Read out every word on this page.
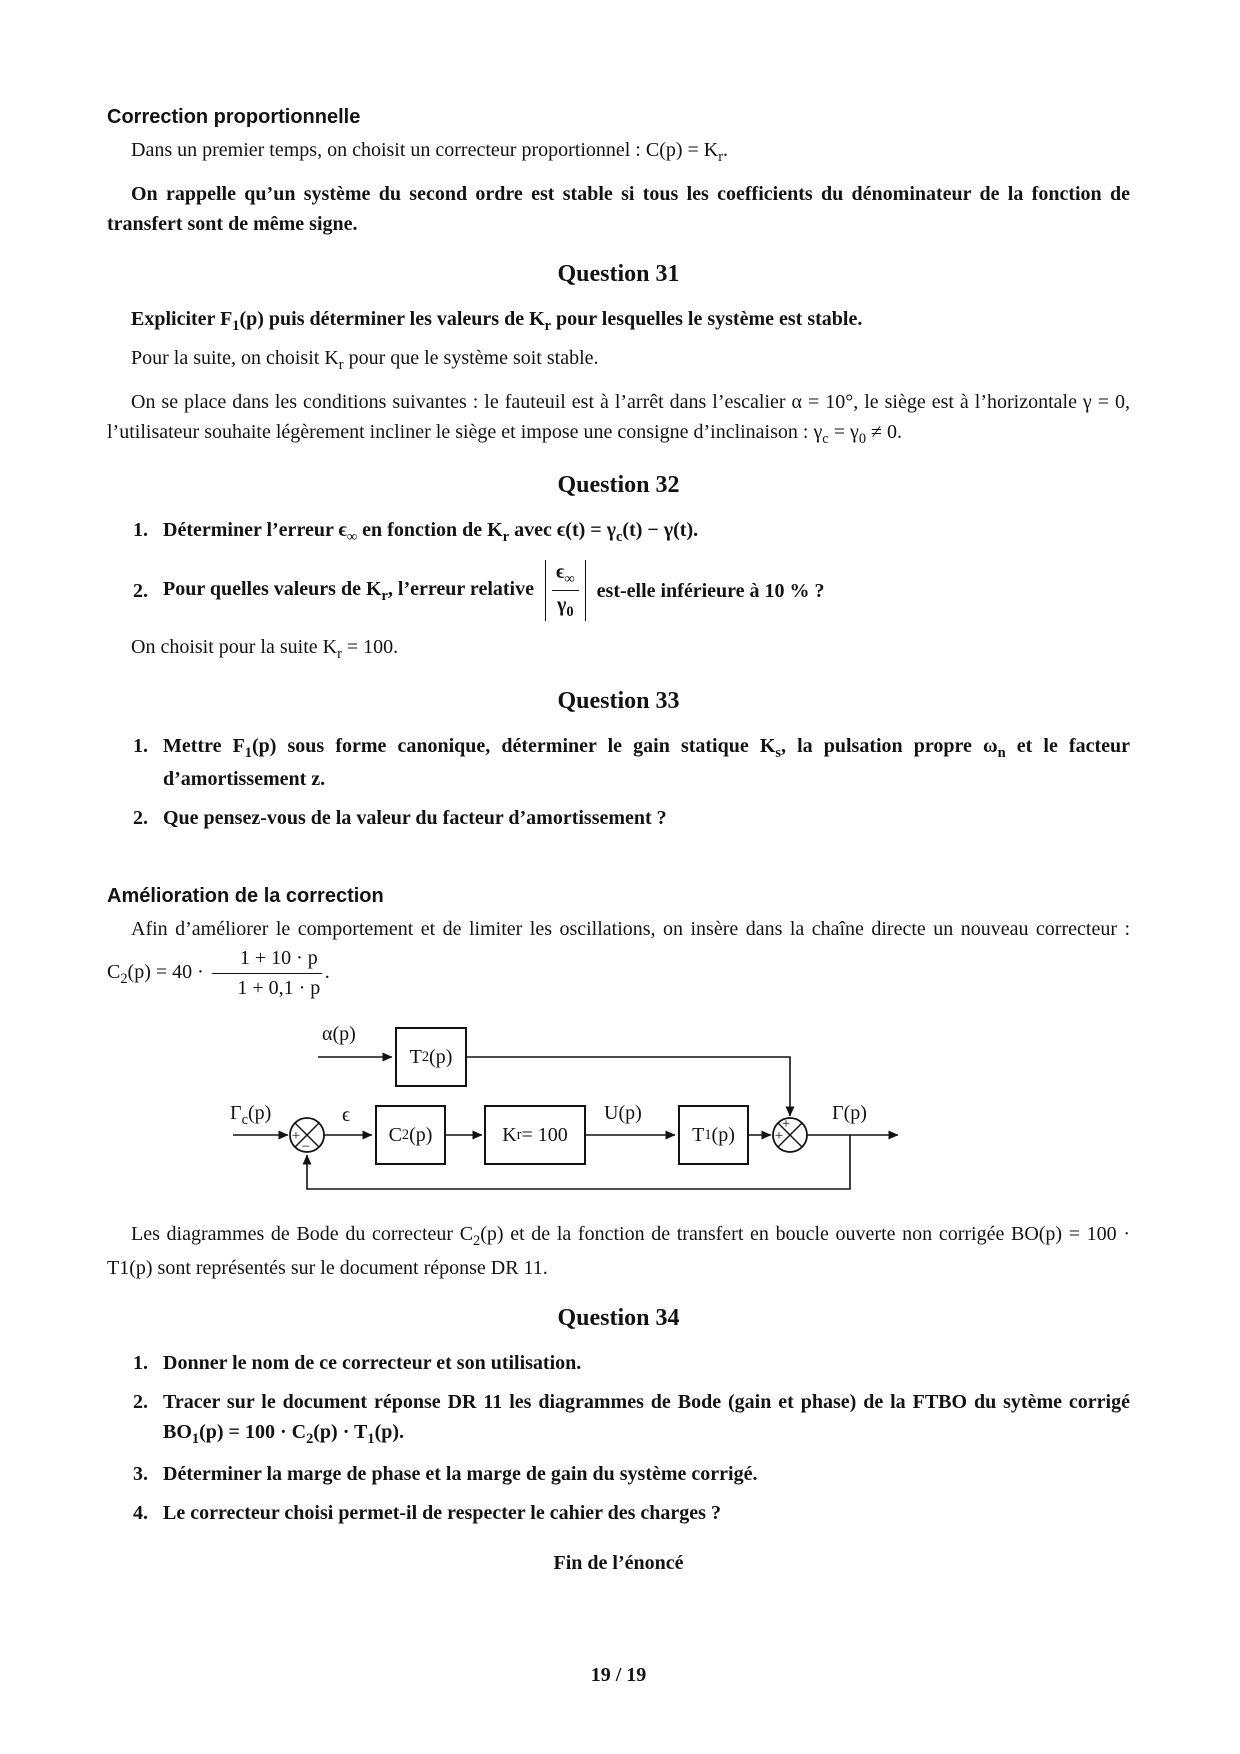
Correction proportionnelle

Dans un premier temps, on choisit un correcteur proportionnel : $C(p) = K_r$.

On rappelle qu’un système du second ordre est stable si tous les coefficients du dénominateur de la fonction de transfert sont de même signe.

Question 31

Expliciter $F_1(p)$ puis déterminer les valeurs de $K_r$ pour lesquelles le système est stable.

Pour la suite, on choisit $K_r$ pour que le système soit stable.

On se place dans les conditions suivantes : le fauteuil est à l’arrêt dans l’escalier α = 10°, le siège est à l’horizontale γ = 0, l’utilisateur souhaite légèrement incliner le siège et impose une consigne d’inclinaison : $\gamma_c = \gamma_0 \ne 0$.

Question 32
1. Déterminer l’erreur $\epsilon_\infty$ en fonction de $K_r$ avec $\epsilon(t) = \gamma_c(t) - \gamma(t)$.
2. Pour quelles valeurs de $K_r$, l’erreur relative $\frac{\epsilon_\infty}{\gamma_0}$ est-elle inférieure à 10 % ?

On choisit pour la suite $K_r = 100$.

Question 33
1. Mettre $F_1(p)$ sous forme canonique, déterminer le gain statique $K_s$, la pulsation propre $\omega_n$ et le facteur d’amortissement z.
2. Que pensez-vous de la valeur du facteur d’amortissement ?
Amélioration de la correction

Afin d’améliorer le comportement et de limiter les oscillations, on insère dans la chaîne directe un nouveau correcteur : $C_2(p) = 40 \cdot \frac{1 + 10 \cdot p}{1 + 0,1 \cdot p}$ .

+
−
+
+
α(p)
T 2 (p)
$\Gamma_c(p)$	ϵ
C 2 (p)	K r = 100
U(p)
T 1 (p)
Γ(p)

Les diagrammes de Bode du correcteur $C_2(p)$ et de la fonction de transfert en boucle ouverte non corrigée BO(p) = 100 · T1(p) sont représentés sur le document réponse DR 11.

Question 34
1. Donner le nom de ce correcteur et son utilisation.
2. Tracer sur le document réponse DR 11 les diagrammes de Bode (gain et phase) de la FTBO du sytème corrigé $BO_1(p) = 100 \cdot C_2(p) \cdot T_1(p)$.
3. Déterminer la marge de phase et la marge de gain du système corrigé.
4. Le correcteur choisi permet-il de respecter le cahier des charges ?

Fin de l’énoncé

19 / 19
